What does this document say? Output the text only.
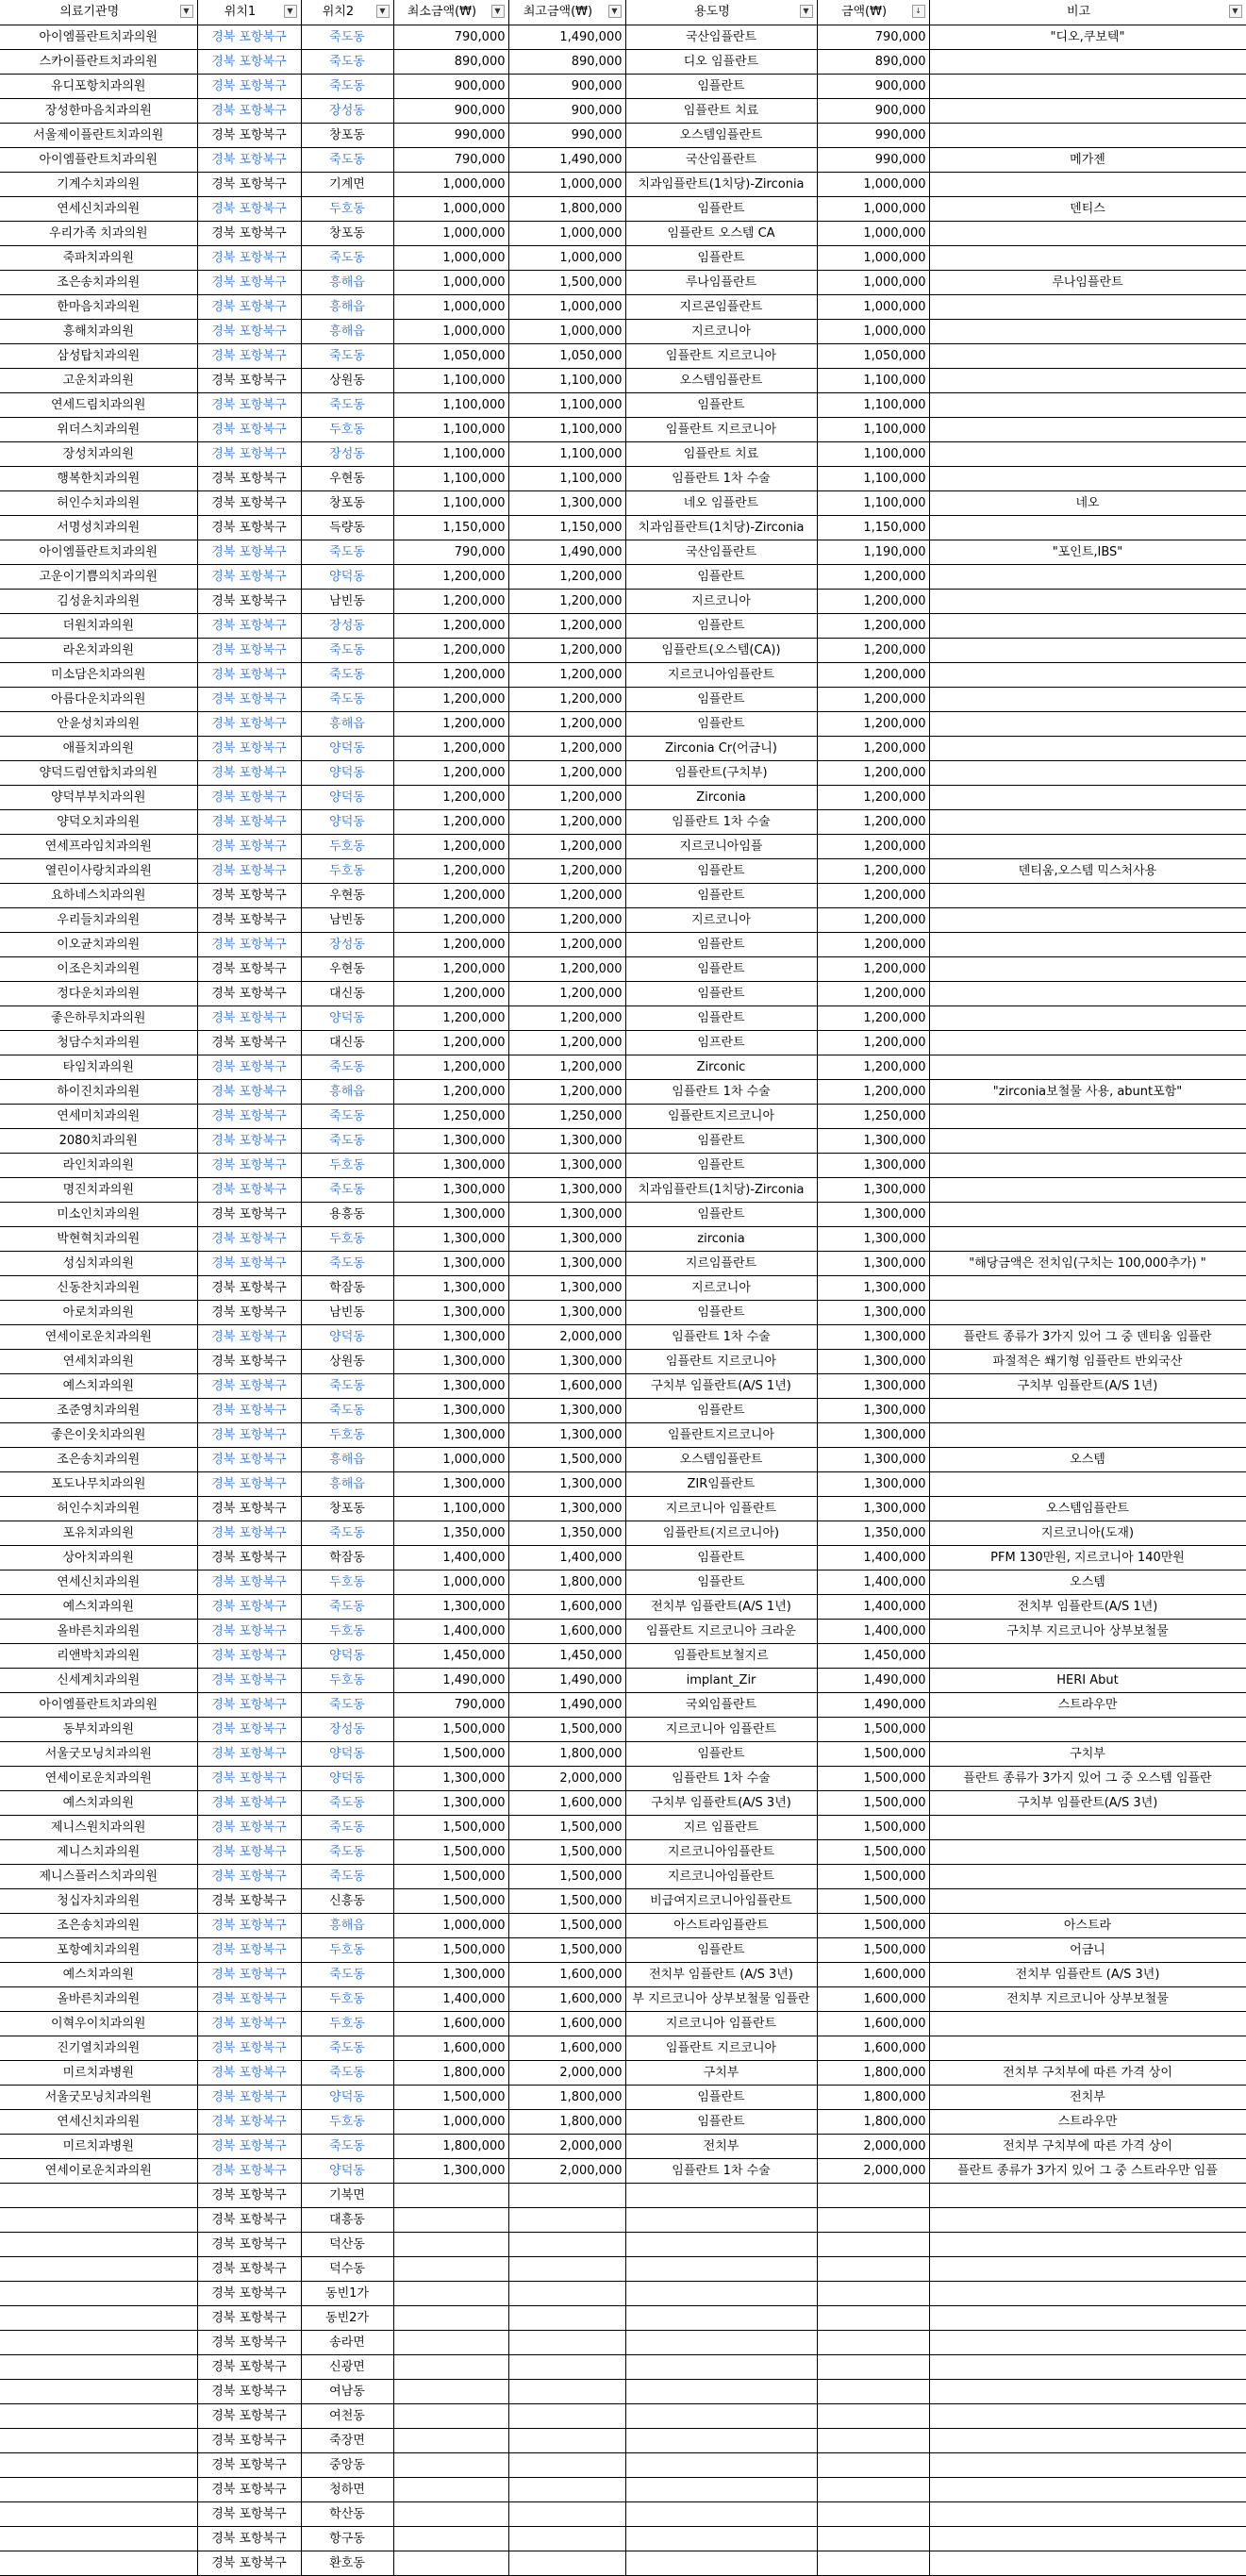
의료기관명 ▼	위치1 ▼	위치2 ▼	최소금액(₩) ▼	최고금액(₩) ▼	용도명 ▼	금액(₩) ↓	비고 ▼

아이엠플란트치과의원	경북 포항북구	죽도동	790,000	1,490,000	국산임플란트	790,000	"디오,쿠보텍"
스카이플란트치과의원	경북 포항북구	죽도동	890,000	890,000	디오 임플란트	890,000	
유디포항치과의원	경북 포항북구	죽도동	900,000	900,000	임플란트	900,000	
장성한마음치과의원	경북 포항북구	장성동	900,000	900,000	임플란트 치료	900,000	
서울제이플란트치과의원	경북 포항북구	창포동	990,000	990,000	오스템임플란트	990,000	
아이엠플란트치과의원	경북 포항북구	죽도동	790,000	1,490,000	국산임플란트	990,000	메가젠
기계수치과의원	경북 포항북구	기계면	1,000,000	1,000,000	치과임플란트(1치당)-Zirconia	1,000,000	
연세신치과의원	경북 포항북구	두호동	1,000,000	1,800,000	임플란트	1,000,000	덴티스
우리가족 치과의원	경북 포항북구	창포동	1,000,000	1,000,000	임플란트 오스템 CA	1,000,000	
죽파치과의원	경북 포항북구	죽도동	1,000,000	1,000,000	임플란트	1,000,000	
조은송치과의원	경북 포항북구	흥해읍	1,000,000	1,500,000	루나임플란트	1,000,000	루나임플란트
한마음치과의원	경북 포항북구	흥해읍	1,000,000	1,000,000	지르콘임플란트	1,000,000	
흥해치과의원	경북 포항북구	흥해읍	1,000,000	1,000,000	지르코니아	1,000,000	
삼성탑치과의원	경북 포항북구	죽도동	1,050,000	1,050,000	임플란트 지르코니아	1,050,000	
고운치과의원	경북 포항북구	상원동	1,100,000	1,100,000	오스템임플란트	1,100,000	
연세드림치과의원	경북 포항북구	죽도동	1,100,000	1,100,000	임플란트	1,100,000	
위더스치과의원	경북 포항북구	두호동	1,100,000	1,100,000	임플란트 지르코니아	1,100,000	
장성치과의원	경북 포항북구	장성동	1,100,000	1,100,000	임플란트 치료	1,100,000	
행복한치과의원	경북 포항북구	우현동	1,100,000	1,100,000	임플란트 1차 수술	1,100,000	
허인수치과의원	경북 포항북구	창포동	1,100,000	1,300,000	네오 임플란트	1,100,000	네오
서명성치과의원	경북 포항북구	득량동	1,150,000	1,150,000	치과임플란트(1치당)-Zirconia	1,150,000	
아이엠플란트치과의원	경북 포항북구	죽도동	790,000	1,490,000	국산임플란트	1,190,000	"포인트,IBS"
고운이기쁨의치과의원	경북 포항북구	양덕동	1,200,000	1,200,000	임플란트	1,200,000	
김성윤치과의원	경북 포항북구	남빈동	1,200,000	1,200,000	지르코니아	1,200,000	
더원치과의원	경북 포항북구	장성동	1,200,000	1,200,000	임플란트	1,200,000	
라온치과의원	경북 포항북구	죽도동	1,200,000	1,200,000	임플란트(오스템(CA))	1,200,000	
미소담은치과의원	경북 포항북구	죽도동	1,200,000	1,200,000	지르코니아임플란트	1,200,000	
아름다운치과의원	경북 포항북구	죽도동	1,200,000	1,200,000	임플란트	1,200,000	
안윤성치과의원	경북 포항북구	흥해읍	1,200,000	1,200,000	임플란트	1,200,000	
애플치과의원	경북 포항북구	양덕동	1,200,000	1,200,000	Zirconia Cr(어금니)	1,200,000	
양덕드림연합치과의원	경북 포항북구	양덕동	1,200,000	1,200,000	임플란트(구치부)	1,200,000	
양덕부부치과의원	경북 포항북구	양덕동	1,200,000	1,200,000	Zirconia	1,200,000	
양덕오치과의원	경북 포항북구	양덕동	1,200,000	1,200,000	임플란트 1차 수술	1,200,000	
연세프라임치과의원	경북 포항북구	두호동	1,200,000	1,200,000	지르코니아임플	1,200,000	
열린이사랑치과의원	경북 포항북구	두호동	1,200,000	1,200,000	임플란트	1,200,000	덴티움,오스템 믹스처사용
요하네스치과의원	경북 포항북구	우현동	1,200,000	1,200,000	임플란트	1,200,000	
우리들치과의원	경북 포항북구	남빈동	1,200,000	1,200,000	지르코니아	1,200,000	
이오균치과의원	경북 포항북구	장성동	1,200,000	1,200,000	임플란트	1,200,000	
이조은치과의원	경북 포항북구	우현동	1,200,000	1,200,000	임플란트	1,200,000	
정다운치과의원	경북 포항북구	대신동	1,200,000	1,200,000	임플란트	1,200,000	
좋은하루치과의원	경북 포항북구	양덕동	1,200,000	1,200,000	임플란트	1,200,000	
청담수치과의원	경북 포항북구	대신동	1,200,000	1,200,000	임프란트	1,200,000	
타임치과의원	경북 포항북구	죽도동	1,200,000	1,200,000	Zirconic	1,200,000	
하이진치과의원	경북 포항북구	흥해읍	1,200,000	1,200,000	임플란트 1차 수술	1,200,000	"zirconia보철물 사용, abunt포함"
연세미치과의원	경북 포항북구	죽도동	1,250,000	1,250,000	임플란트지르코니아	1,250,000	
2080치과의원	경북 포항북구	죽도동	1,300,000	1,300,000	임플란트	1,300,000	
라인치과의원	경북 포항북구	두호동	1,300,000	1,300,000	임플란트	1,300,000	
명진치과의원	경북 포항북구	죽도동	1,300,000	1,300,000	치과임플란트(1치당)-Zirconia	1,300,000	
미소인치과의원	경북 포항북구	용흥동	1,300,000	1,300,000	임플란트	1,300,000	
박현혁치과의원	경북 포항북구	두호동	1,300,000	1,300,000	zirconia	1,300,000	
성심치과의원	경북 포항북구	죽도동	1,300,000	1,300,000	지르임플란트	1,300,000	"해당금액은 전치임(구치는 100,000추가) "
신동찬치과의원	경북 포항북구	학잠동	1,300,000	1,300,000	지르코니아	1,300,000	
아로치과의원	경북 포항북구	남빈동	1,300,000	1,300,000	임플란트	1,300,000	
연세이로운치과의원	경북 포항북구	양덕동	1,300,000	2,000,000	임플란트 1차 수술	1,300,000	플란트 종류가 3가지 있어 그 중 덴티움 임플란
연세치과의원	경북 포항북구	상원동	1,300,000	1,300,000	임플란트 지르코니아	1,300,000	파절적은 쐐기형 임플란트 반외국산
예스치과의원	경북 포항북구	죽도동	1,300,000	1,600,000	구치부 임플란트(A/S 1년)	1,300,000	구치부 임플란트(A/S 1년)
조준영치과의원	경북 포항북구	죽도동	1,300,000	1,300,000	임플란트	1,300,000	
좋은이웃치과의원	경북 포항북구	두호동	1,300,000	1,300,000	임플란트지르코니아	1,300,000	
조은송치과의원	경북 포항북구	흥해읍	1,000,000	1,500,000	오스템임플란트	1,300,000	오스템
포도나무치과의원	경북 포항북구	흥해읍	1,300,000	1,300,000	ZIR임플란트	1,300,000	
허인수치과의원	경북 포항북구	창포동	1,100,000	1,300,000	지르코니아 임플란트	1,300,000	오스템임플란트
포유치과의원	경북 포항북구	죽도동	1,350,000	1,350,000	임플란트(지르코니아)	1,350,000	지르코니아(도재)
상아치과의원	경북 포항북구	학잠동	1,400,000	1,400,000	임플란트	1,400,000	PFM 130만원, 지르코니아 140만원
연세신치과의원	경북 포항북구	두호동	1,000,000	1,800,000	임플란트	1,400,000	오스템
예스치과의원	경북 포항북구	죽도동	1,300,000	1,600,000	전치부 임플란트(A/S 1년)	1,400,000	전치부 임플란트(A/S 1년)
올바른치과의원	경북 포항북구	두호동	1,400,000	1,600,000	임플란트 지르코니아 크라운	1,400,000	구치부 지르코니아 상부보철물
리앤박치과의원	경북 포항북구	양덕동	1,450,000	1,450,000	임플란트보철지르	1,450,000	
신세계치과의원	경북 포항북구	두호동	1,490,000	1,490,000	implant_Zir	1,490,000	HERI Abut
아이엠플란트치과의원	경북 포항북구	죽도동	790,000	1,490,000	국외임플란트	1,490,000	스트라우만
동부치과의원	경북 포항북구	장성동	1,500,000	1,500,000	지르코니아 임플란트	1,500,000	
서울굿모닝치과의원	경북 포항북구	양덕동	1,500,000	1,800,000	임플란트	1,500,000	구치부
연세이로운치과의원	경북 포항북구	양덕동	1,300,000	2,000,000	임플란트 1차 수술	1,500,000	플란트 종류가 3가지 있어 그 중 오스템 임플란
예스치과의원	경북 포항북구	죽도동	1,300,000	1,600,000	구치부 임플란트(A/S 3년)	1,500,000	구치부 임플란트(A/S 3년)
제니스원치과의원	경북 포항북구	죽도동	1,500,000	1,500,000	지르 임플란트	1,500,000	
제니스치과의원	경북 포항북구	죽도동	1,500,000	1,500,000	지르코니아임플란트	1,500,000	
제니스플러스치과의원	경북 포항북구	죽도동	1,500,000	1,500,000	지르코니아임플란트	1,500,000	
청십자치과의원	경북 포항북구	신흥동	1,500,000	1,500,000	비급여지르코니아임플란트	1,500,000	
조은송치과의원	경북 포항북구	흥해읍	1,000,000	1,500,000	아스트라임플란트	1,500,000	아스트라
포항예치과의원	경북 포항북구	두호동	1,500,000	1,500,000	임플란트	1,500,000	어금니
예스치과의원	경북 포항북구	죽도동	1,300,000	1,600,000	전치부 임플란트 (A/S 3년)	1,600,000	전치부 임플란트 (A/S 3년)
올바른치과의원	경북 포항북구	두호동	1,400,000	1,600,000	부 지르코니아 상부보철물 임플란	1,600,000	전치부 지르코니아 상부보철물
이혁우이치과의원	경북 포항북구	두호동	1,600,000	1,600,000	지르코니아 임플란트	1,600,000	
진기열치과의원	경북 포항북구	죽도동	1,600,000	1,600,000	임플란트 지르코니아	1,600,000	
미르치과병원	경북 포항북구	죽도동	1,800,000	2,000,000	구치부	1,800,000	전치부 구치부에 따른 가격 상이
서울굿모닝치과의원	경북 포항북구	양덕동	1,500,000	1,800,000	임플란트	1,800,000	전치부
연세신치과의원	경북 포항북구	두호동	1,000,000	1,800,000	임플란트	1,800,000	스트라우만
미르치과병원	경북 포항북구	죽도동	1,800,000	2,000,000	전치부	2,000,000	전치부 구치부에 따른 가격 상이
연세이로운치과의원	경북 포항북구	양덕동	1,300,000	2,000,000	임플란트 1차 수술	2,000,000	플란트 종류가 3가지 있어 그 중 스트라우만 임플
	경북 포항북구	기북면					
	경북 포항북구	대흥동					
	경북 포항북구	덕산동					
	경북 포항북구	덕수동					
	경북 포항북구	동빈1가					
	경북 포항북구	동빈2가					
	경북 포항북구	송라면					
	경북 포항북구	신광면					
	경북 포항북구	여남동					
	경북 포항북구	여천동					
	경북 포항북구	죽장면					
	경북 포항북구	중앙동					
	경북 포항북구	청하면					
	경북 포항북구	학산동					
	경북 포항북구	항구동					
	경북 포항북구	환호동					
